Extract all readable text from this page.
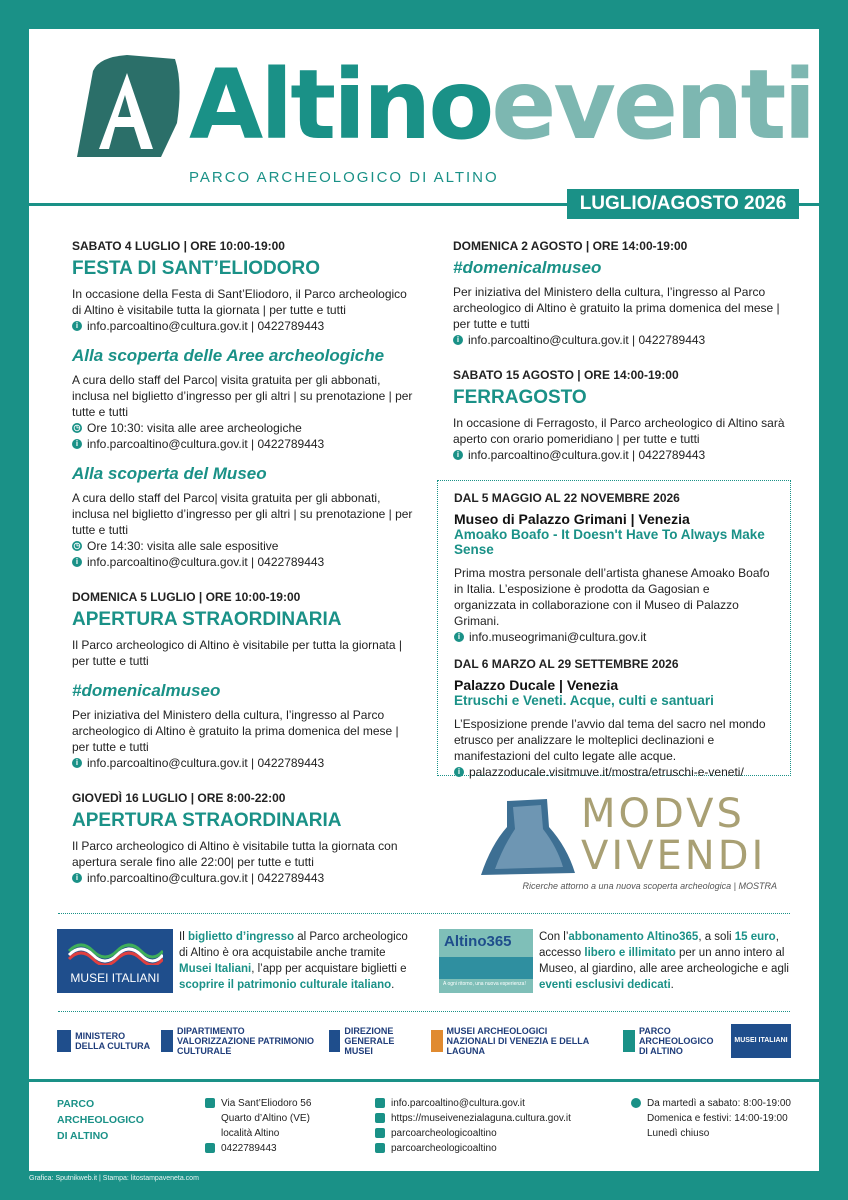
Altinoeventi
PARCO ARCHEOLOGICO DI ALTINO
LUGLIO/AGOSTO 2026
SABATO 4 LUGLIO | ORE 10:00-19:00
FESTA DI SANT’ELIODORO
In occasione della Festa di Sant’Eliodoro, il Parco archeologico di Altino è visitabile tutta la giornata | per tutte e tutti
i info.parcoaltino@cultura.gov.it | 0422789443
Alla scoperta delle Aree archeologiche
A cura dello staff del Parco| visita gratuita per gli abbonati, inclusa nel biglietto d’ingresso per gli altri | su prenotazione | per tutte e tutti
◷ Ore 10:30: visita alle aree archeologiche
i info.parcoaltino@cultura.gov.it | 0422789443
Alla scoperta del Museo
A cura dello staff del Parco| visita gratuita per gli abbonati, inclusa nel biglietto d’ingresso per gli altri | su prenotazione | per tutte e tutti
◷ Ore 14:30: visita alle sale espositive
i info.parcoaltino@cultura.gov.it | 0422789443
DOMENICA 5 LUGLIO | ORE 10:00-19:00
APERTURA STRAORDINARIA
Il Parco archeologico di Altino è visitabile per tutta la giornata | per tutte e tutti
#domenicalmuseo
Per iniziativa del Ministero della cultura, l’ingresso al Parco archeologico di Altino è gratuito la prima domenica del mese | per tutte e tutti
i info.parcoaltino@cultura.gov.it | 0422789443
GIOVEDÌ 16 LUGLIO | ORE 8:00-22:00
APERTURA STRAORDINARIA
Il Parco archeologico di Altino è visitabile tutta la giornata con apertura serale fino alle 22:00| per tutte e tutti
i info.parcoaltino@cultura.gov.it | 0422789443
DOMENICA 2 AGOSTO | ORE 14:00-19:00
#domenicalmuseo
Per iniziativa del Ministero della cultura, l’ingresso al Parco archeologico di Altino è gratuito la prima domenica del mese | per tutte e tutti
i info.parcoaltino@cultura.gov.it | 0422789443
SABATO 15 AGOSTO | ORE 14:00-19:00
FERRAGOSTO
In occasione di Ferragosto, il Parco archeologico di Altino sarà aperto con orario pomeridiano | per tutte e tutti
i info.parcoaltino@cultura.gov.it | 0422789443
DAL 5 MAGGIO AL 22 NOVEMBRE 2026
Museo di Palazzo Grimani | Venezia
Amoako Boafo - It Doesn't Have To Always Make Sense
Prima mostra personale dell’artista ghanese Amoako Boafo in Italia. L’esposizione è prodotta da Gagosian e organizzata in collaborazione con il Museo di Palazzo Grimani.
i info.museogrimani@cultura.gov.it
DAL 6 MARZO AL 29 SETTEMBRE 2026
Palazzo Ducale | Venezia
Etruschi e Veneti. Acque, culti e santuari
L’Esposizione prende l’avvio dal tema del sacro nel mondo etrusco per analizzare le molteplici declinazioni e manifestazioni del culto legate alle acque.
i palazzoducale.visitmuve.it/mostra/etruschi-e-veneti/
MODVS
VIVENDI
Ricerche attorno a una nuova scoperta archeologica | MOSTRA
MUSEI ITALIANI
Il biglietto d’ingresso al Parco archeologico di Altino è ora acquistabile anche tramite Musei Italiani, l’app per acquistare biglietti e scoprire il patrimonio culturale italiano.
Altino365
A ogni ritorno, una nuova esperienza!
Con l’abbonamento Altino365, a soli 15 euro, accesso libero e illimitato per un anno intero al Museo, al giardino, alle aree archeologiche e agli eventi esclusivi dedicati.
MINISTERO DELLA CULTURA
DIPARTIMENTO VALORIZZAZIONE PATRIMONIO CULTURALE
DIREZIONE GENERALE MUSEI
MUSEI ARCHEOLOGICI NAZIONALI DI VENEZIA E DELLA LAGUNA
PARCO ARCHEOLOGICO DI ALTINO
MUSEI ITALIANI
PARCO
ARCHEOLOGICO
DI ALTINO
Via Sant’Eliodoro 56
Quarto d’Altino (VE)
località Altino
0422789443
info.parcoaltino@cultura.gov.it
https://museivenezialaguna.cultura.gov.it
parcoarcheologicoaltino
parcoarcheologicoaltino
Da martedì a sabato: 8:00-19:00
Domenica e festivi: 14:00-19:00
Lunedì chiuso
Grafica: Sputnikweb.it | Stampa: litostampaveneta.com
